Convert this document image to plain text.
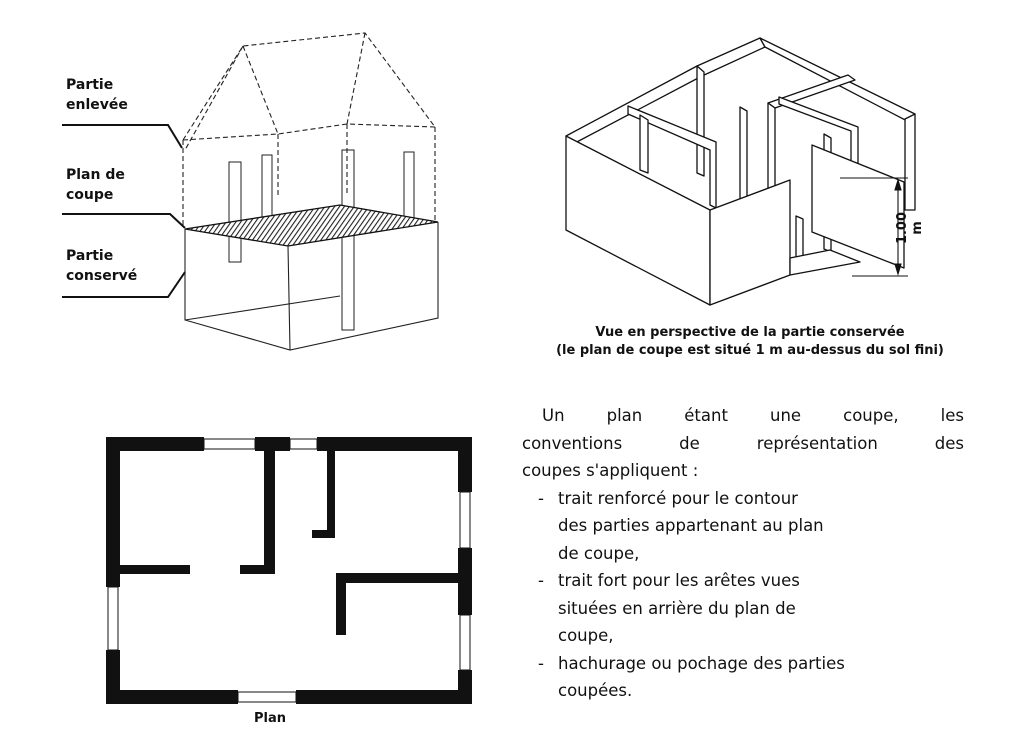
Partie
enlevée
Plan de
coupe
Partie
conservé
1.00 m
Vue en perspective de la partie conservée
(le plan de coupe est situé 1 m au-dessus du sol fini)
Plan
Un plan étant une coupe, les
conventions de représentation des
coupes s'appliquent :
- trait renforcé pour le contour
des parties appartenant au plan
de coupe,
- trait fort pour les arêtes vues
situées en arrière du plan de
coupe,
- hachurage ou pochage des parties
coupées.
